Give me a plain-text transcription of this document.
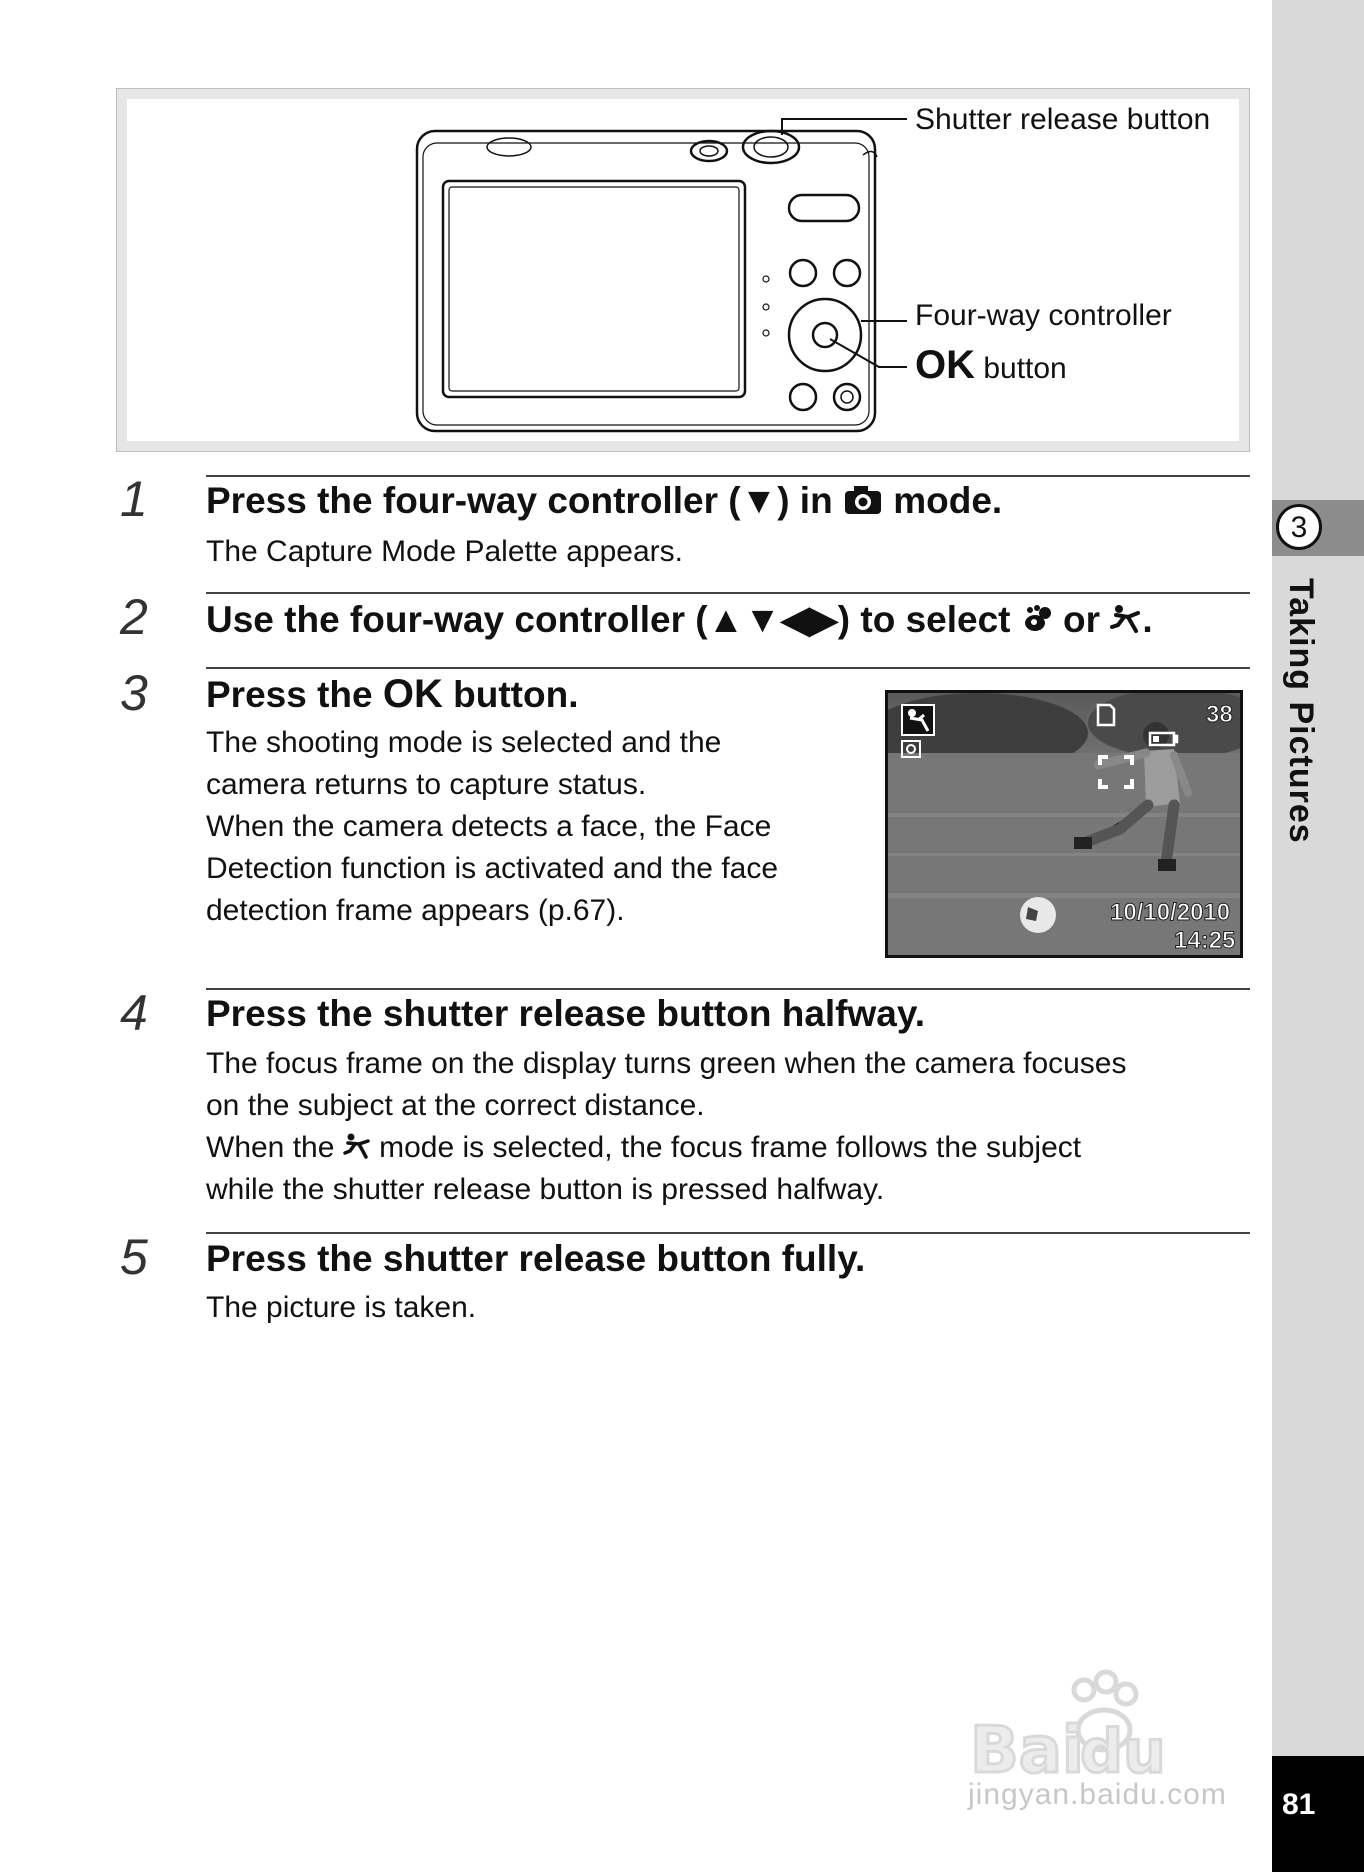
3
Taking Pictures
81
Shutter release button
Four-way controller
OK button
1 Press the four-way controller (▼) in  mode.
The Capture Mode Palette appears.
2 Use the four-way controller (▲▼◀▶) to select  or .
3 Press the OK button.
The shooting mode is selected and the
camera returns to capture status.
When the camera detects a face, the Face
Detection function is activated and the face
detection frame appears (p.67).
38
10/10/2010
14:25
4 Press the shutter release button halfway.
The focus frame on the display turns green when the camera focuses
on the subject at the correct distance.
When the  mode is selected, the focus frame follows the subject
while the shutter release button is pressed halfway.
5 Press the shutter release button fully.
The picture is taken.
Bai
du
jingyan.baidu.com
